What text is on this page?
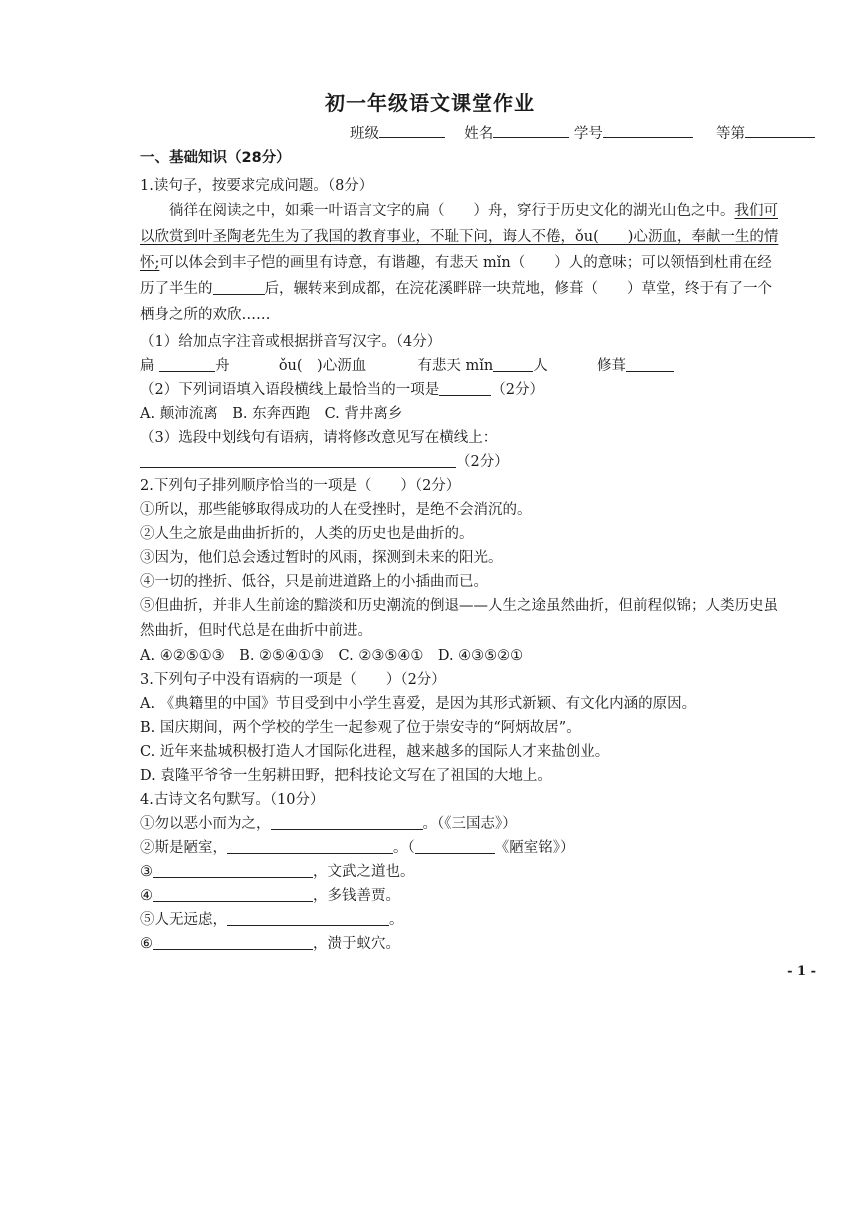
初一年级语文课堂作业
班级	姓名	学号	等第
一、基础知识（28分）
1.读句子，按要求完成问题。（8分）
徜徉在阅读之中，如乘一叶语言文字的扁（　　）舟，穿行于历史文化的湖光山色之中。我们可
以欣赏到叶圣陶老先生为了我国的教育事业，不耻下问，诲人不倦，ǒu(　　)心沥血，奉献一生的情
怀;可以体会到丰子恺的画里有诗意，有谐趣，有悲天 mǐn（　　）人的意味；可以领悟到杜甫在经
历了半生的	后，辗转来到成都，在浣花溪畔辟一块荒地，修葺（　　）草堂，终于有了一个
栖身之所的欢欣……
（1）给加点字注音或根据拼音写汉字。（4分）
扁	舟	ǒu(　)心沥血	有悲天 mǐn	人	修葺
（2）下列词语填入语段横线上最恰当的一项是	（2分）
A. 颠沛流离　B. 东奔西跑　C. 背井离乡
（3）选段中划线句有语病，请将修改意见写在横线上：
（2分）
2.下列句子排列顺序恰当的一项是（　　）（2分）
①所以，那些能够取得成功的人在受挫时，是绝不会消沉的。
②人生之旅是曲曲折折的，人类的历史也是曲折的。
③因为，他们总会透过暂时的风雨，探测到未来的阳光。
④一切的挫折、低谷，只是前进道路上的小插曲而已。
⑤但曲折，并非人生前途的黯淡和历史潮流的倒退——人生之途虽然曲折，但前程似锦；人类历史虽
然曲折，但时代总是在曲折中前进。
A. ④②⑤①③　B. ②⑤④①③　C. ②③⑤④①　D. ④③⑤②①
3.下列句子中没有语病的一项是（　　）（2分）
A. 《典籍里的中国》节目受到中小学生喜爱，是因为其形式新颖、有文化内涵的原因。
B. 国庆期间，两个学校的学生一起参观了位于崇安寺的“阿炳故居”。
C. 近年来盐城积极打造人才国际化进程，越来越多的国际人才来盐创业。
D. 袁隆平爷爷一生躬耕田野，把科技论文写在了祖国的大地上。
4.古诗文名句默写。（10分）
①勿以恶小而为之，	。（《三国志》）
②斯是陋室，	。（	《陋室铭》）
③	，文武之道也。
④	，多钱善贾。
⑤人无远虑，	。
⑥	，溃于蚁穴。
- 1 -
